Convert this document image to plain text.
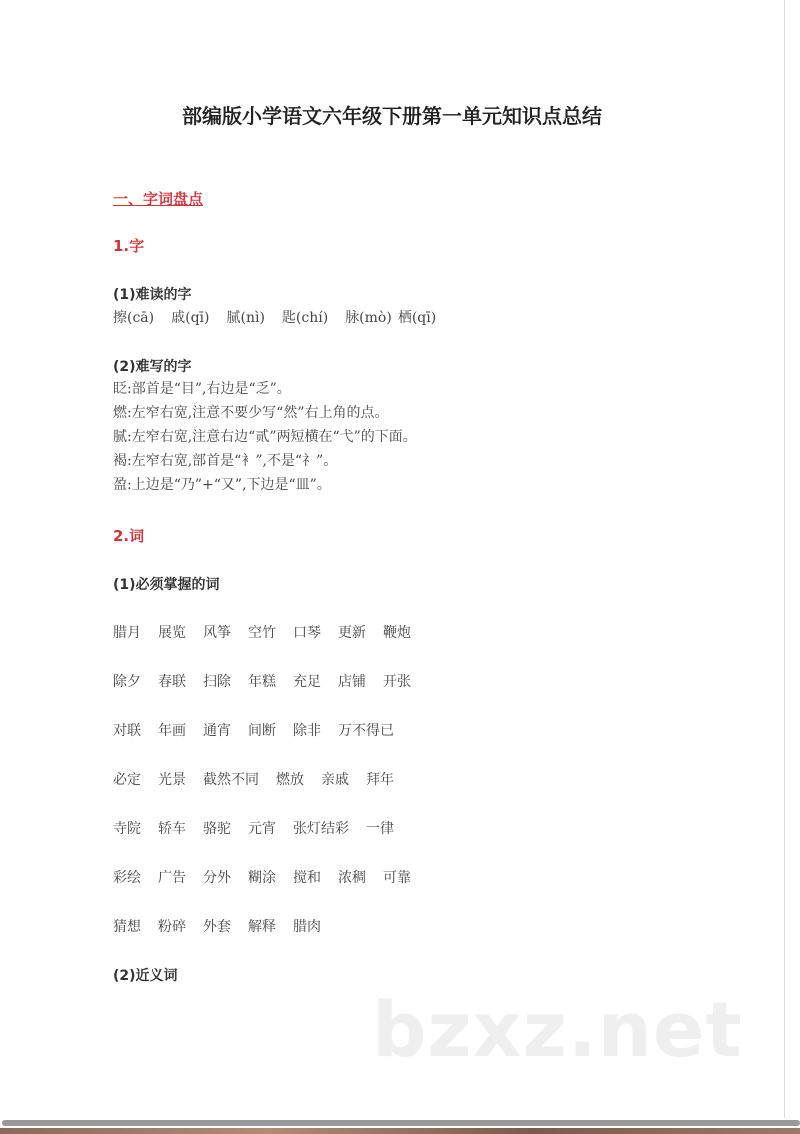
部编版小学语文六年级下册第一单元知识点总结
一、字词盘点
1.字
(1)难读的字
擦(cā) 戚(qī) 腻(nì) 匙(chí) 脉(mò) 栖(qī)
(2)难写的字
眨:部首是“目”,右边是“乏”。
燃:左窄右宽,注意不要少写“然”右上角的点。
腻:左窄右宽,注意右边“贰”两短横在“弋”的下面。
褐:左窄右宽,部首是“衤”,不是“礻”。
盈:上边是“乃”+“又”,下边是“皿”。
2.词
(1)必须掌握的词
腊月 展览 风筝 空竹 口琴 更新 鞭炮
除夕 春联 扫除 年糕 充足 店铺 开张
对联 年画 通宵 间断 除非 万不得已
必定 光景 截然不同 燃放 亲戚 拜年
寺院 轿车 骆驼 元宵 张灯结彩 一律
彩绘 广告 分外 糊涂 搅和 浓稠 可靠
猜想 粉碎 外套 解释 腊肉
(2)近义词
bzxz.net
